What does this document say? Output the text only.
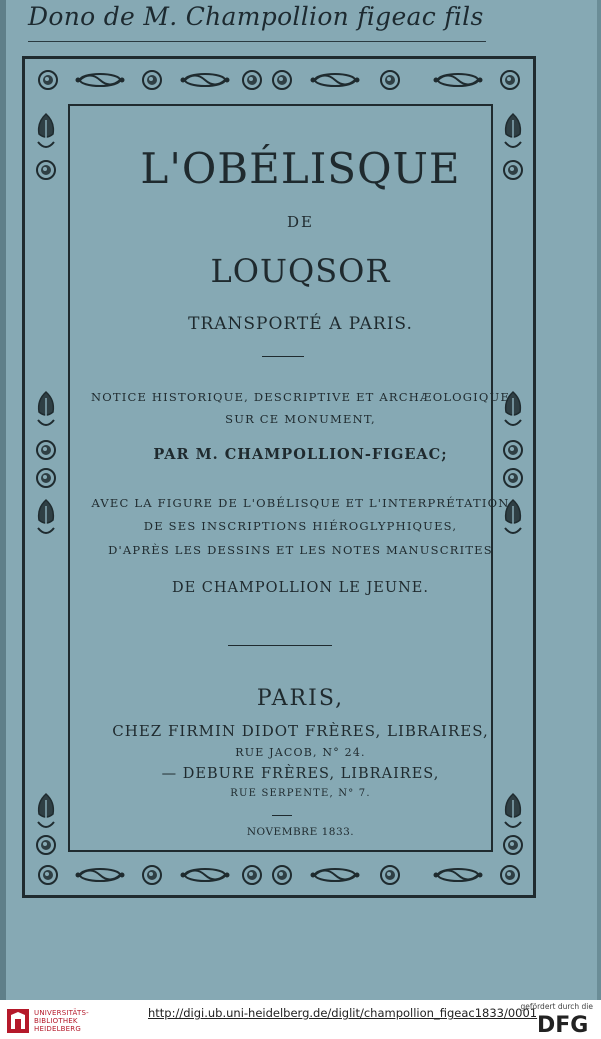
Dono de M. Champollion figeac fils
L'OBÉLISQUE
DE
LOUQSOR
TRANSPORTÉ A PARIS.
NOTICE HISTORIQUE, DESCRIPTIVE ET ARCHÆOLOGIQUE
SUR CE MONUMENT,
PAR M. CHAMPOLLION-FIGEAC;
AVEC LA FIGURE DE L'OBÉLISQUE ET L'INTERPRÉTATION
DE SES INSCRIPTIONS HIÉROGLYPHIQUES,
D'APRÈS LES DESSINS ET LES NOTES MANUSCRITES
DE CHAMPOLLION LE JEUNE.
PARIS,
CHEZ FIRMIN DIDOT FRÈRES, LIBRAIRES,
RUE JACOB, N° 24.
— DEBURE FRÈRES, LIBRAIRES,
RUE SERPENTE, N° 7.
NOVEMBRE 1833.
UNIVERSITÄTS-
BIBLIOTHEK
HEIDELBERG
http://digi.ub.uni-heidelberg.de/diglit/champollion_figeac1833/0001
gefördert durch die
DFG
